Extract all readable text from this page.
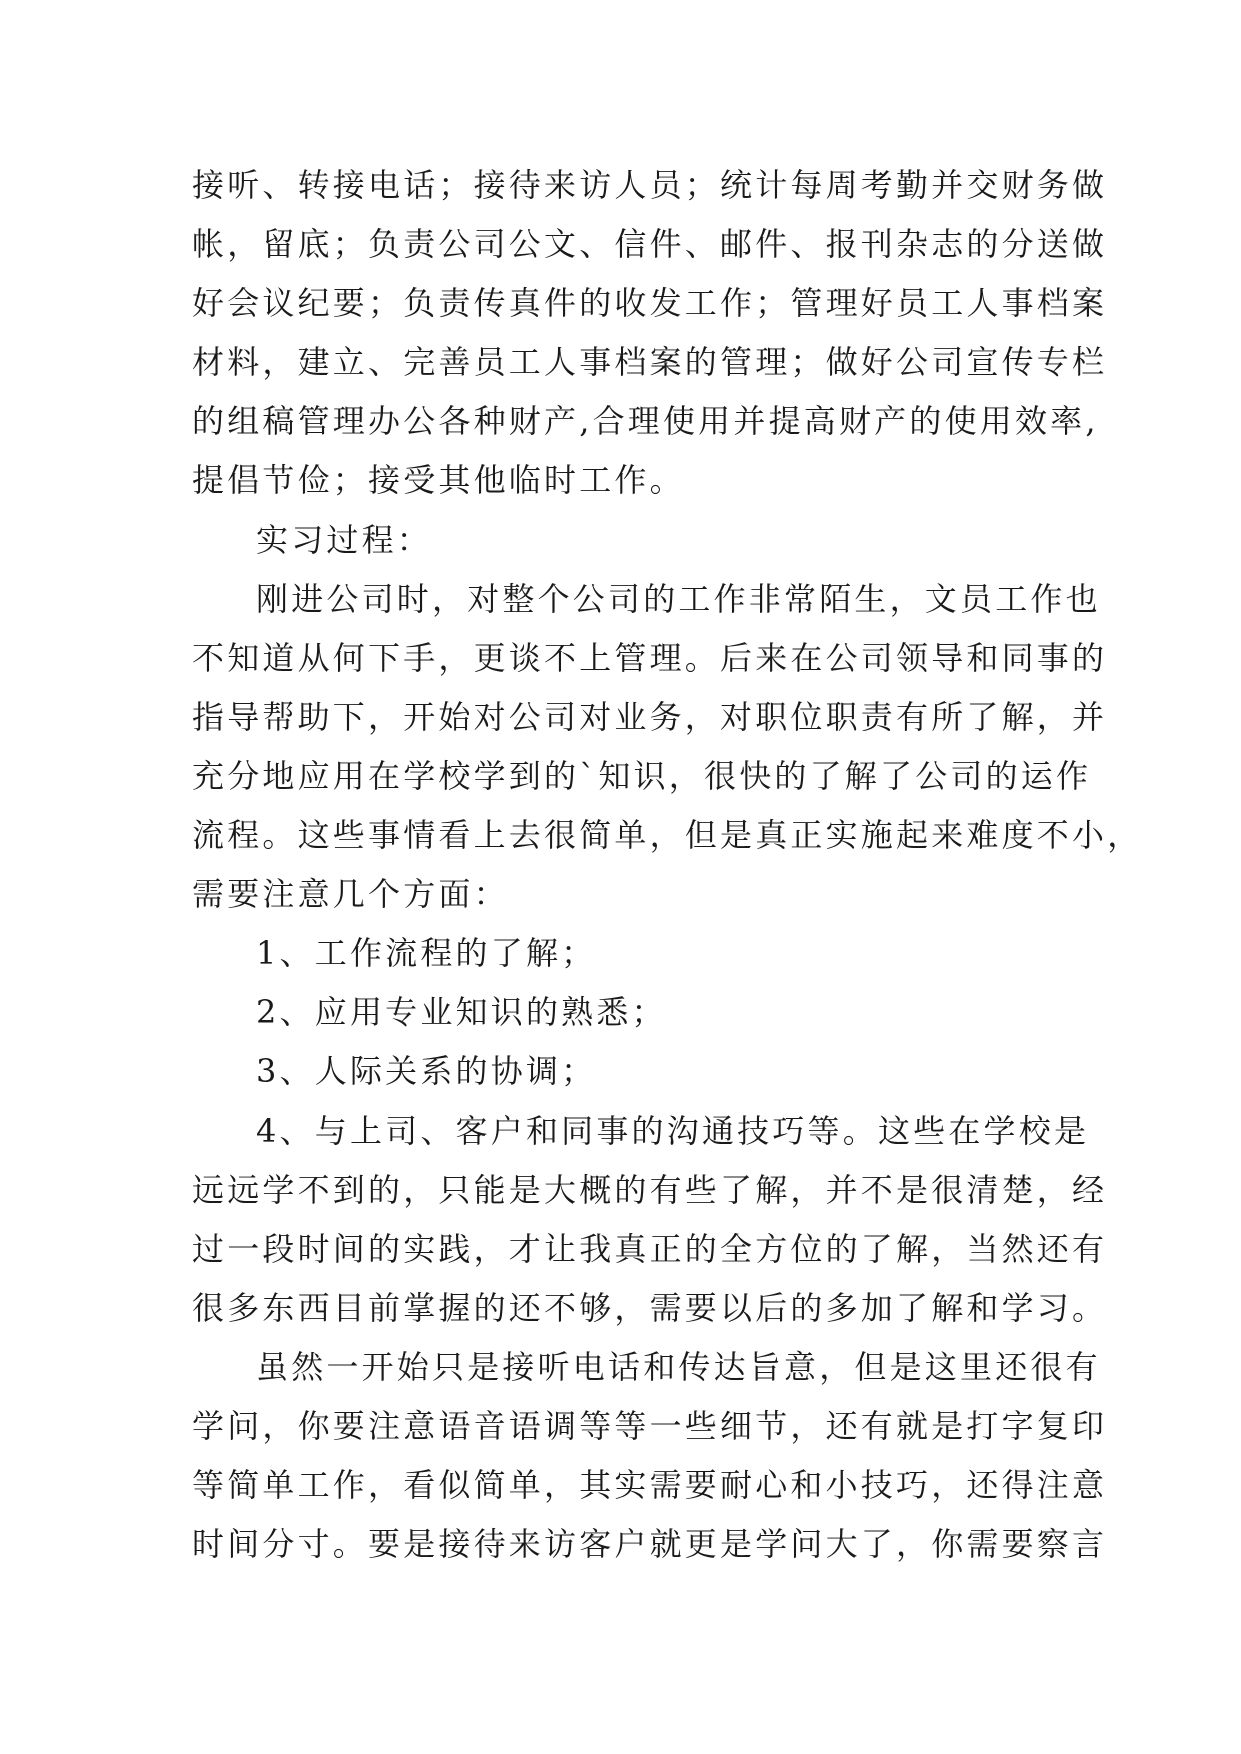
接听、转接电话；接待来访人员；统计每周考勤并交财务做
帐，留底；负责公司公文、信件、邮件、报刊杂志的分送做
好会议纪要；负责传真件的收发工作；管理好员工人事档案
材料，建立、完善员工人事档案的管理；做好公司宣传专栏
的组稿管理办公各种财产,合理使用并提高财产的使用效率,
提倡节俭；接受其他临时工作。
实习过程：
刚进公司时，对整个公司的工作非常陌生，文员工作也
不知道从何下手，更谈不上管理。后来在公司领导和同事的
指导帮助下，开始对公司对业务，对职位职责有所了解，并
充分地应用在学校学到的`知识，很快的了解了公司的运作
流程。这些事情看上去很简单，但是真正实施起来难度不小，
需要注意几个方面：
1、工作流程的了解；
2、应用专业知识的熟悉；
3、人际关系的协调；
4、与上司、客户和同事的沟通技巧等。这些在学校是
远远学不到的，只能是大概的有些了解，并不是很清楚，经
过一段时间的实践，才让我真正的全方位的了解，当然还有
很多东西目前掌握的还不够，需要以后的多加了解和学习。
虽然一开始只是接听电话和传达旨意，但是这里还很有
学问，你要注意语音语调等等一些细节，还有就是打字复印
等简单工作，看似简单，其实需要耐心和小技巧，还得注意
时间分寸。要是接待来访客户就更是学问大了，你需要察言
